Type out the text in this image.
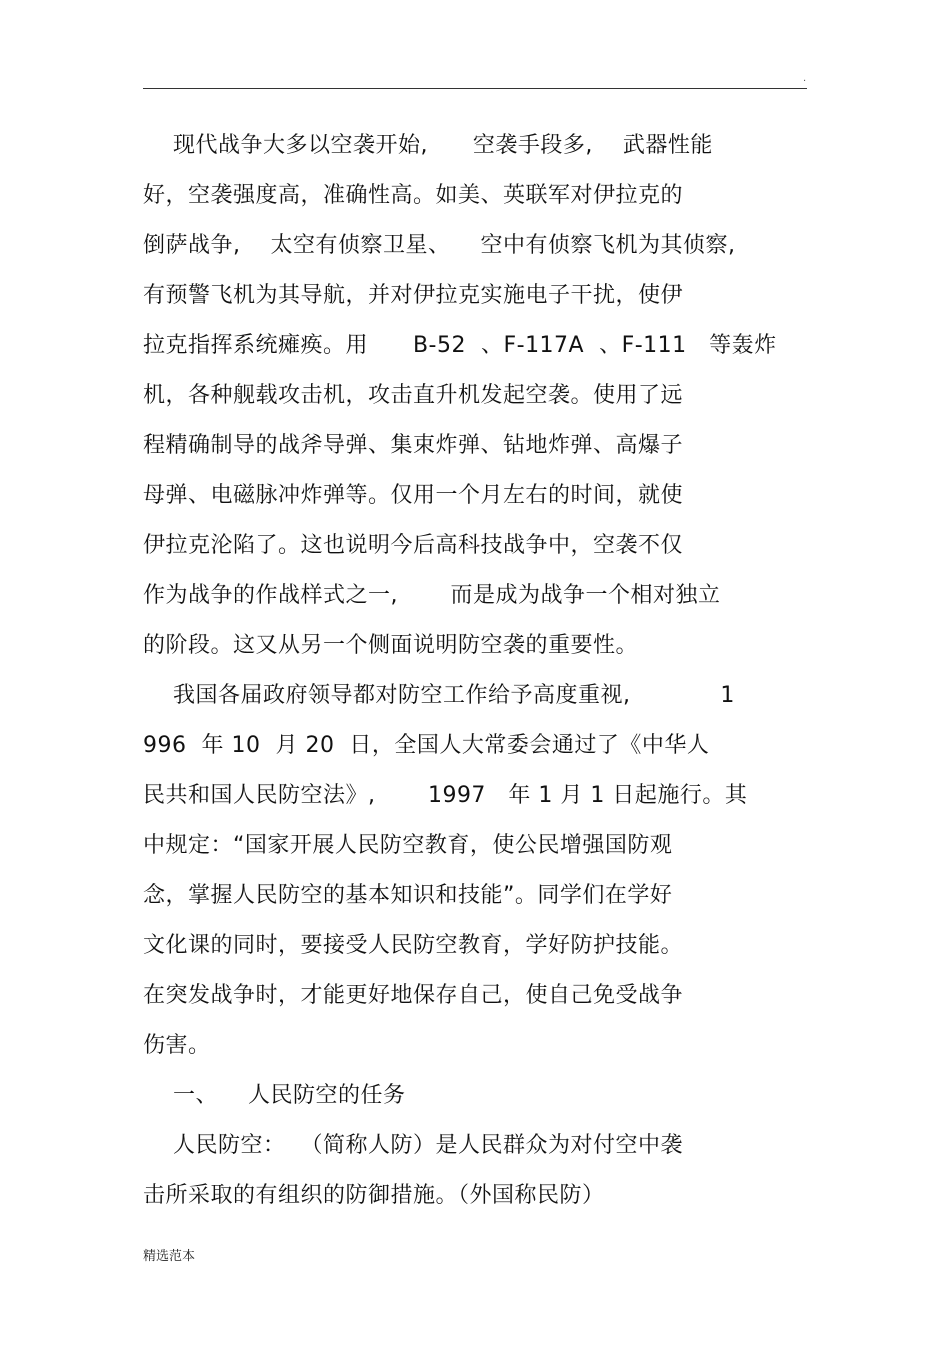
.
现代战争大多以空袭开始,      空袭手段多,    武器性能
好，空袭强度高，准确性高。如美、英联军对伊拉克的
倒萨战争,    太空有侦察卫星、    空中有侦察飞机为其侦察,
有预警飞机为其导航，并对伊拉克实施电子干扰，使伊
拉克指挥系统瘫痪。用      B-52  、F-117A  、F-111   等轰炸
机，各种舰载攻击机，攻击直升机发起空袭。使用了远
程精确制导的战斧导弹、集束炸弹、钻地炸弹、高爆子
母弹、电磁脉冲炸弹等。仅用一个月左右的时间，就使
伊拉克沦陷了。这也说明今后高科技战争中，空袭不仅
作为战争的作战样式之一,       而是成为战争一个相对独立
的阶段。这又从另一个侧面说明防空袭的重要性。
我国各届政府领导都对防空工作给予高度重视,            1
996  年 10  月 20  日，全国人大常委会通过了《中华人
民共和国人民防空法》,       1997   年 1 月 1 日起施行。其
中规定：“国家开展人民防空教育，使公民增强国防观
念，掌握人民防空的基本知识和技能”。同学们在学好
文化课的同时，要接受人民防空教育，学好防护技能。
在突发战争时，才能更好地保存自己，使自己免受战争
伤害。
一、    人民防空的任务
人民防空：  （简称人防）是人民群众为对付空中袭
击所采取的有组织的防御措施。（外国称民防）
精选范本
